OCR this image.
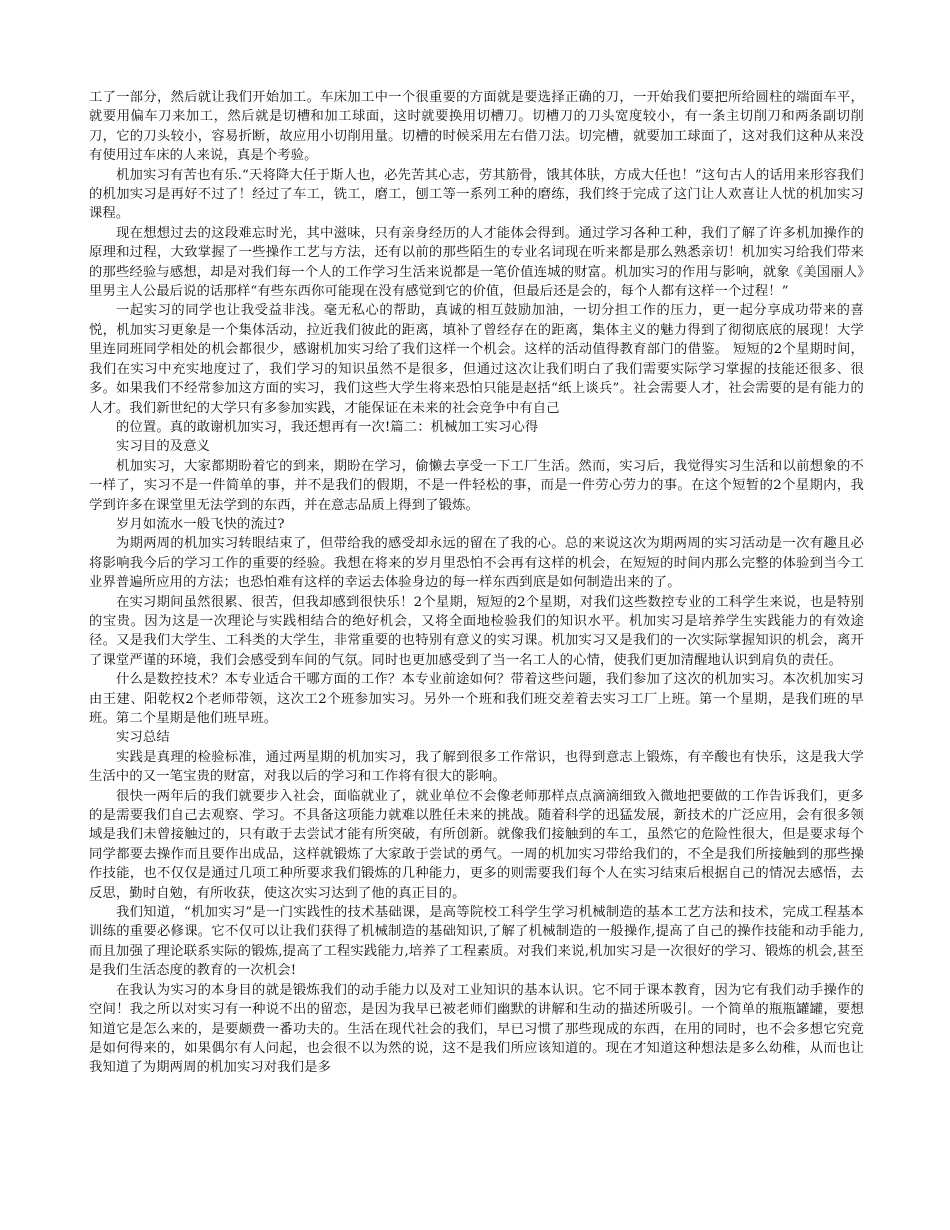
工了一部分，然后就让我们开始加工。车床加工中一个很重要的方面就是要选择正确的刀，一开始我们要把所给圆柱的端面车平，就要用偏车刀来加工，然后就是切槽和加工球面，这时就要换用切槽刀。切槽刀的刀头宽度较小，有一条主切削刀和两条副切削刀，它的刀头较小，容易折断，故应用小切削用量。切槽的时候采用左右借刀法。切完槽，就要加工球面了，这对我们这种从来没有使用过车床的人来说，真是个考验。

机加实习有苦也有乐.“天将降大任于斯人也，必先苦其心志，劳其筋骨，饿其体肤，方成大任也！”这句古人的话用来形容我们的机加实习是再好不过了！经过了车工，铣工，磨工，刨工等一系列工种的磨练，我们终于完成了这门让人欢喜让人忧的机加实习课程。

现在想想过去的这段难忘时光，其中滋味，只有亲身经历的人才能体会得到。通过学习各种工种，我们了解了许多机加操作的原理和过程，大致掌握了一些操作工艺与方法，还有以前的那些陌生的专业名词现在听来都是那么熟悉亲切！机加实习给我们带来的那些经验与感想，却是对我们每一个人的工作学习生活来说都是一笔价值连城的财富。机加实习的作用与影响，就象《美国丽人》里男主人公最后说的话那样“有些东西你可能现在没有感觉到它的价值，但最后还是会的，每个人都有这样一个过程！”

一起实习的同学也让我受益非浅。毫无私心的帮助，真诚的相互鼓励加油，一切分担工作的压力，更一起分享成功带来的喜悦，机加实习更象是一个集体活动，拉近我们彼此的距离，填补了曾经存在的距离，集体主义的魅力得到了彻彻底底的展现！大学里连同班同学相处的机会都很少，感谢机加实习给了我们这样一个机会。这样的活动值得教育部门的借鉴。 短短的2个星期时间，我们在实习中充实地度过了，我们学习的知识虽然不是很多，但通过这次让我们明白了我们需要实际学习掌握的技能还很多、很多。如果我们不经常参加这方面的实习，我们这些大学生将来恐怕只能是赵括“纸上谈兵”。社会需要人才，社会需要的是有能力的人才。我们新世纪的大学只有多参加实践，才能保证在未来的社会竞争中有自己

的位置。真的敢谢机加实习，我还想再有一次!篇二：机械加工实习心得

实习目的及意义

机加实习，大家都期盼着它的到来，期盼在学习，偷懒去享受一下工厂生活。然而，实习后，我觉得实习生活和以前想象的不一样了，实习不是一件简单的事，并不是我们的假期，不是一件轻松的事，而是一件劳心劳力的事。在这个短暂的2个星期内，我学到许多在课堂里无法学到的东西，并在意志品质上得到了锻炼。

岁月如流水一般飞快的流过?

为期两周的机加实习转眼结束了，但带给我的感受却永远的留在了我的心。总的来说这次为期两周的实习活动是一次有趣且必将影响我今后的学习工作的重要的经验。我想在将来的岁月里恐怕不会再有这样的机会，在短短的时间内那么完整的体验到当今工业界普遍所应用的方法；也恐怕难有这样的幸运去体验身边的每一样东西到底是如何制造出来的了。

在实习期间虽然很累、很苦，但我却感到很快乐！2个星期，短短的2个星期，对我们这些数控专业的工科学生来说，也是特别的宝贵。因为这是一次理论与实践相结合的绝好机会，又将全面地检验我们的知识水平。机加实习是培养学生实践能力的有效途径。又是我们大学生、工科类的大学生，非常重要的也特别有意义的实习课。机加实习又是我们的一次实际掌握知识的机会，离开了课堂严谨的环境，我们会感受到车间的气氛。同时也更加感受到了当一名工人的心情，使我们更加清醒地认识到肩负的责任。

什么是数控技术？本专业适合干哪方面的工作？本专业前途如何？带着这些问题，我们参加了这次的机加实习。本次机加实习由王建、阳乾权2个老师带领，这次工2个班参加实习。另外一个班和我们班交差着去实习工厂上班。第一个星期，是我们班的早班。第二个星期是他们班早班。

实习总结

实践是真理的检验标准，通过两星期的机加实习，我了解到很多工作常识，也得到意志上锻炼，有辛酸也有快乐，这是我大学生活中的又一笔宝贵的财富，对我以后的学习和工作将有很大的影响。

很快一两年后的我们就要步入社会，面临就业了，就业单位不会像老师那样点点滴滴细致入微地把要做的工作告诉我们，更多的是需要我们自己去观察、学习。不具备这项能力就难以胜任未来的挑战。随着科学的迅猛发展，新技术的广泛应用，会有很多领域是我们未曾接触过的，只有敢于去尝试才能有所突破，有所创新。就像我们接触到的车工，虽然它的危险性很大，但是要求每个同学都要去操作而且要作出成品，这样就锻炼了大家敢于尝试的勇气。一周的机加实习带给我们的，不全是我们所接触到的那些操作技能，也不仅仅是通过几项工种所要求我们锻炼的几种能力，更多的则需要我们每个人在实习结束后根据自己的情况去感悟，去反思，勤时自勉，有所收获，使这次实习达到了他的真正目的。

我们知道，“机加实习”是一门实践性的技术基础课，是高等院校工科学生学习机械制造的基本工艺方法和技术，完成工程基本训练的重要必修课。它不仅可以让我们获得了机械制造的基础知识,了解了机械制造的一般操作,提高了自己的操作技能和动手能力,而且加强了理论联系实际的锻炼,提高了工程实践能力,培养了工程素质。对我们来说,机加实习是一次很好的学习、锻炼的机会,甚至是我们生活态度的教育的一次机会!

在我认为实习的本身目的就是锻炼我们的动手能力以及对工业知识的基本认识。它不同于课本教育，因为它有我们动手操作的空间！我之所以对实习有一种说不出的留恋，是因为我早已被老师们幽默的讲解和生动的描述所吸引。一个简单的瓶瓶罐罐，要想知道它是怎么来的，是要颇费一番功夫的。生活在现代社会的我们，早已习惯了那些现成的东西，在用的同时，也不会多想它究竟是如何得来的，如果偶尔有人问起，也会很不以为然的说，这不是我们所应该知道的。现在才知道这种想法是多么幼稚，从而也让我知道了为期两周的机加实习对我们是多
